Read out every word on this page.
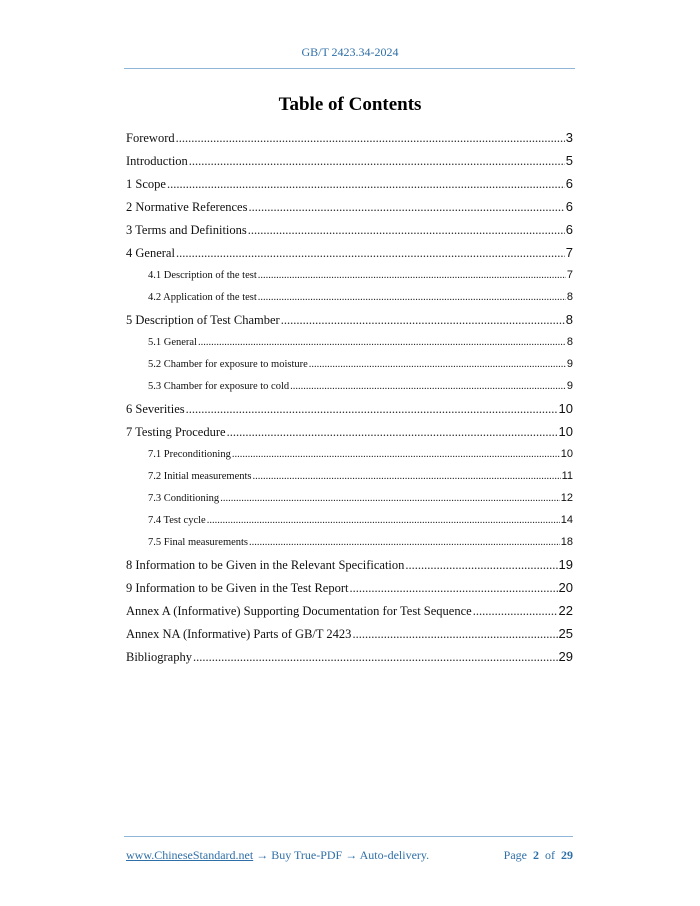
GB/T 2423.34-2024
Table of Contents
Foreword .....	3
Introduction .....	5
1 Scope .....	6
2 Normative References .....	6
3 Terms and Definitions .....	6
4 General .....	7
4.1 Description of the test .....	7
4.2 Application of the test .....	8
5 Description of Test Chamber .....	8
5.1 General .....	8
5.2 Chamber for exposure to moisture .....	9
5.3 Chamber for exposure to cold .....	9
6 Severities .....	10
7 Testing Procedure .....	10
7.1 Preconditioning .....	10
7.2 Initial measurements .....	11
7.3 Conditioning .....	12
7.4 Test cycle .....	14
7.5 Final measurements .....	18
8 Information to be Given in the Relevant Specification .....	19
9 Information to be Given in the Test Report .....	20
Annex A (Informative) Supporting Documentation for Test Sequence .....	22
Annex NA (Informative) Parts of GB/T 2423 .....	25
Bibliography .....	29
www.ChineseStandard.net → Buy True-PDF → Auto-delivery.	Page 2 of 29
